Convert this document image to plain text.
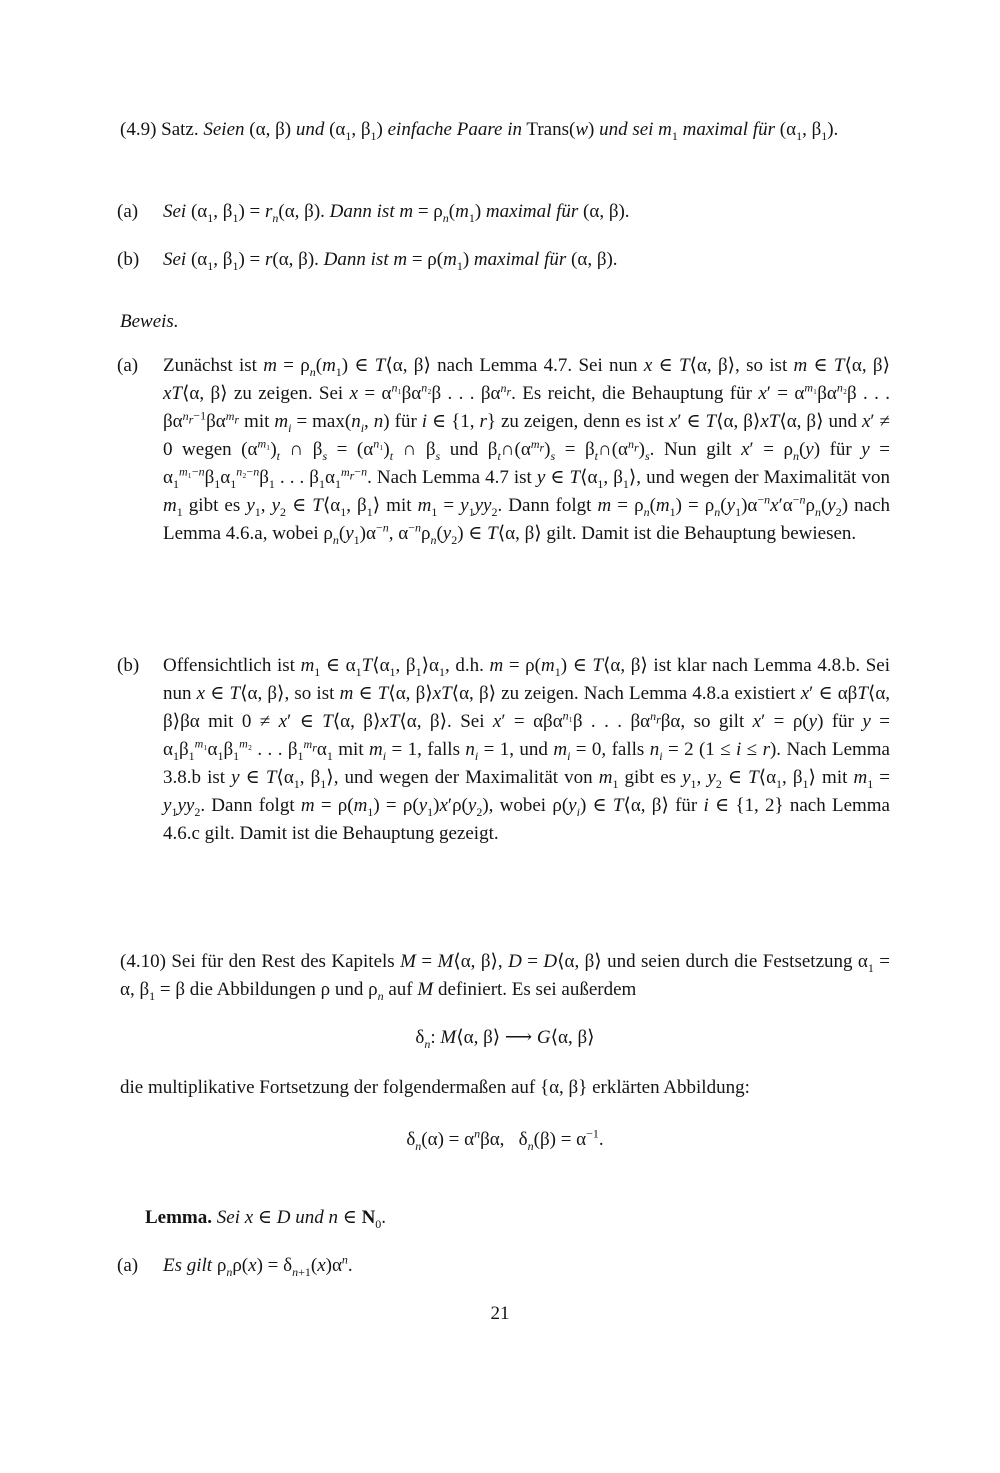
(4.9) Satz. Seien (α, β) und ($\alpha_1$, $\beta_1$) einfache Paare in Trans(w) und sei $m_1$ maximal für ($\alpha_1$, $\beta_1$).
(a) Sei ($\alpha_1$, $\beta_1) = r_n(\alpha$, β). Dann ist $m = \rho_n(m_1)$ maximal für (α, β).
(b) Sei ($\alpha_1$, $\beta_1) = r(\alpha$, β). Dann ist $m = \rho(m_1)$ maximal für (α, β).
Beweis.
(a) Zunächst ist $m = \rho_n(m_1)$ ∈ T⟨α, β⟩ nach Lemma 4.7. Sei nun x ∈ T⟨α, β⟩, so ist m ∈ T⟨α, β⟩xT⟨α, β⟩ zu zeigen. Sei $x = \alpha^{n_1}\beta\alpha^{n_2}\beta$ . . . $\beta\alpha^{n_r}$. Es reicht, die Behauptung für $x' = \alpha^{m_1}\beta\alpha^{n_2}\beta$ . . . $\beta\alpha^{n_r-1}\beta\alpha^{m_r}$ mit $m_i = \max(n_i$, n) für i ∈ {1, r} zu zeigen, denn es ist x′ ∈ T⟨α, β⟩xT⟨α, β⟩ und x′ ≠ 0 wegen $(\alpha^{m_1})_t$ ∩ $\beta_s = (\alpha^{n_1})_t$ ∩ $\beta_s$ und $\beta_t\cap(\alpha^{m_r})_s$ = $\beta_t\cap(\alpha^{n_r})_s$. Nun gilt $x' = \rho_n(y)$ für $y = \alpha_1^{m_1-n}\beta_1\alpha_1^{n_2-n}\beta_1$ . . . $\beta_1\alpha_1^{m_r-n}$. Nach Lemma 4.7 ist y ∈ $T⟨\alpha_1$, $\beta_1⟩$, und wegen der Maximalität von $m_1$ gibt es $y_1$, $y_2$ ∈ $T⟨\alpha_1$, $\beta_1⟩$ mit $m_1 = y_1yy_2$. Dann folgt $m = \rho_n(m_1) = \rho_n(y_1)\alpha^{-n}x'\alpha^{-n}\rho_n(y_2)$ nach Lemma 4.6.a, wobei $\rho_n(y_1)\alpha^{-n}$, $\alpha^{-n}\rho_n(y_2)$ ∈ T⟨α, β⟩ gilt. Damit ist die Behauptung bewiesen.
(b) Offensichtlich ist $m_1$ ∈ $\alpha_1T⟨\alpha_1$, $\beta_1⟩\alpha_1$, d.h. $m = \rho(m_1)$ ∈ T⟨α, β⟩ ist klar nach Lemma 4.8.b. Sei nun x ∈ T⟨α, β⟩, so ist m ∈ T⟨α, β⟩xT⟨α, β⟩ zu zeigen. Nach Lemma 4.8.a existiert x′ ∈ αβT⟨α, β⟩βα mit 0 ≠ x′ ∈ T⟨α, β⟩xT⟨α, β⟩. Sei x′ = αβα$^{n_1}$β . . . $\beta\alpha^{n_r}\beta\alpha$, so gilt x′ = ρ(y) für $y = \alpha_1\beta_1^{m_1}\alpha_1\beta_1^{m_2}$ . . . $\beta_1^{m_r}\alpha_1$ mit $m_i = 1$, falls $n_i = 1$, und $m_i = 0$, falls $n_i = 2$ (1 ≤ i ≤ r). Nach Lemma 3.8.b ist y ∈ $T⟨\alpha_1$, $\beta_1⟩$, und wegen der Maximalität von $m_1$ gibt es $y_1$, $y_2$ ∈ $T⟨\alpha_1$, $\beta_1⟩$ mit $m_1 = y_1yy_2$. Dann folgt $m = \rho(m_1) = \rho(y_1)x'\rho(y_2)$, wobei $\rho(y_i)$ ∈ T⟨α, β⟩ für i ∈ {1, 2} nach Lemma 4.6.c gilt. Damit ist die Behauptung gezeigt.
(4.10) Sei für den Rest des Kapitels M = M⟨α, β⟩, D = D⟨α, β⟩ und seien durch die Festsetzung $\alpha_1 = \alpha$, $\beta_1 = \beta$ die Abbildungen ρ und $\rho_n$ auf M definiert. Es sei außerdem
$\delta_n$: M⟨α, β⟩ ⟶ G⟨α, β⟩
die multiplikative Fortsetzung der folgendermaßen auf {α, β} erklärten Abbildung:
$\delta_n(\alpha) = \alpha^n\beta\alpha$,   $\delta_n(\beta) = \alpha^{-1}$.
Lemma. Sei x ∈ D und n ∈ $N_0$.
(a) Es gilt $\rho_n\rho(x) = \delta_{n+1}(x)\alpha^n$.
21
